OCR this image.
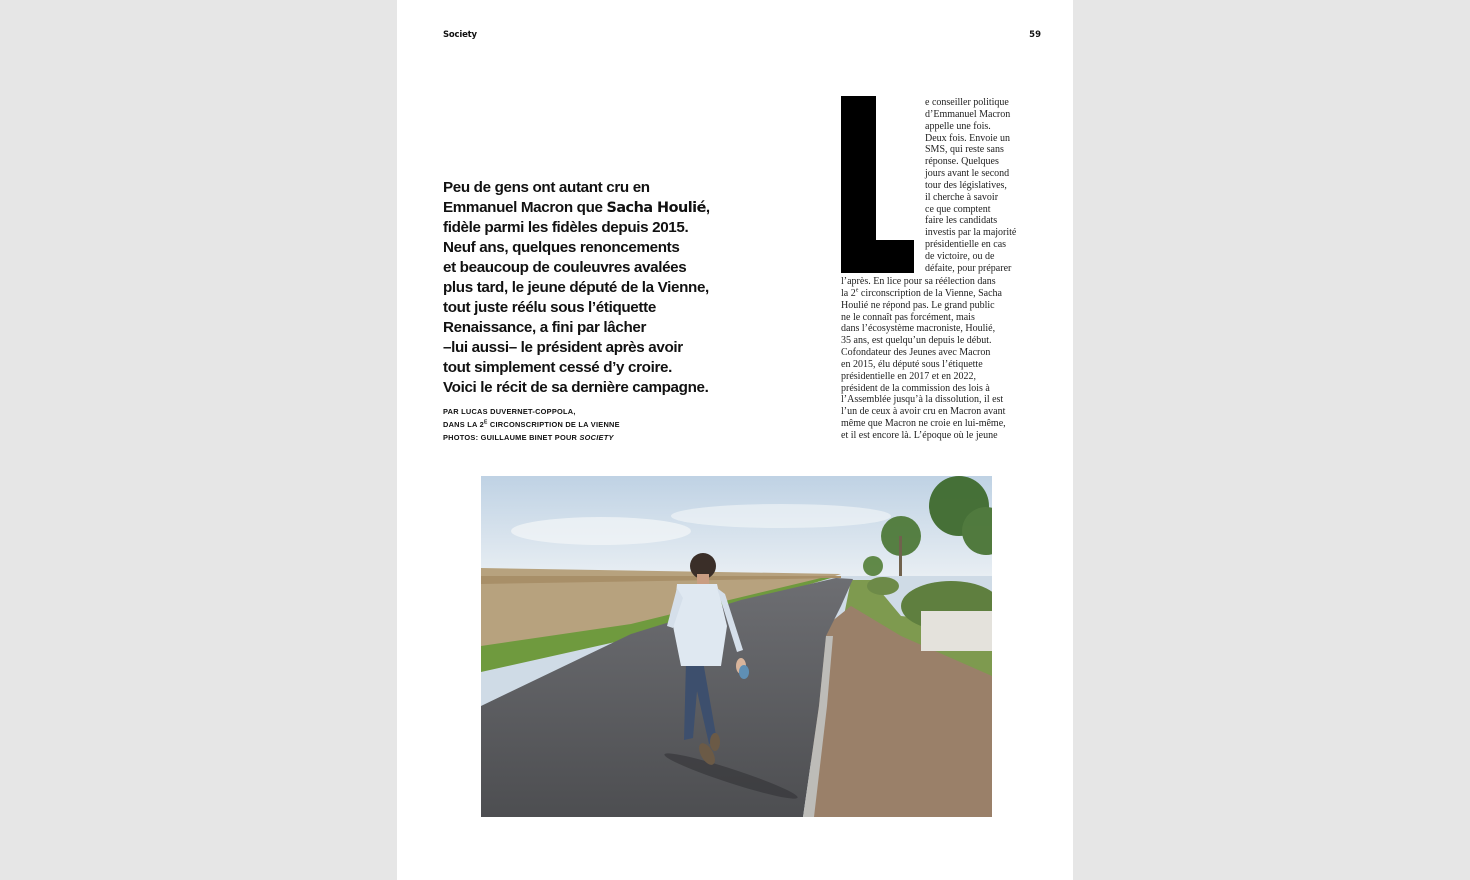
Society	59
Peu de gens ont autant cru en
Emmanuel Macron que Sacha Houlié,
fidèle parmi les fidèles depuis 2015.
Neuf ans, quelques renoncements
et beaucoup de couleuvres avalées
plus tard, le jeune député de la Vienne,
tout juste réélu sous l’étiquette
Renaissance, a fini par lâcher
–lui aussi– le président après avoir
tout simplement cessé d’y croire.
Voici le récit de sa dernière campagne.
PAR LUCAS DUVERNET-COPPOLA,
DANS LA $2^E$ CIRCONSCRIPTION DE LA VIENNE
PHOTOS: GUILLAUME BINET POUR SOCIETY
e conseiller politique
d’Emmanuel Macron
appelle une fois.
Deux fois. Envoie un
SMS, qui reste sans
réponse. Quelques
jours avant le second
tour des législatives,
il cherche à savoir
ce que comptent
faire les candidats
investis par la majorité
présidentielle en cas
de victoire, ou de
défaite, pour préparer
l’après. En lice pour sa réélection dans
la 2e circonscription de la Vienne, Sacha
Houlié ne répond pas. Le grand public
ne le connaît pas forcément, mais
dans l’écosystème macroniste, Houlié,
35 ans, est quelqu’un depuis le début.
Cofondateur des Jeunes avec Macron
en 2015, élu député sous l’étiquette
présidentielle en 2017 et en 2022,
président de la commission des lois à
l’Assemblée jusqu’à la dissolution, il est
l’un de ceux à avoir cru en Macron avant
même que Macron ne croie en lui-même,
et il est encore là. L’époque où le jeune
